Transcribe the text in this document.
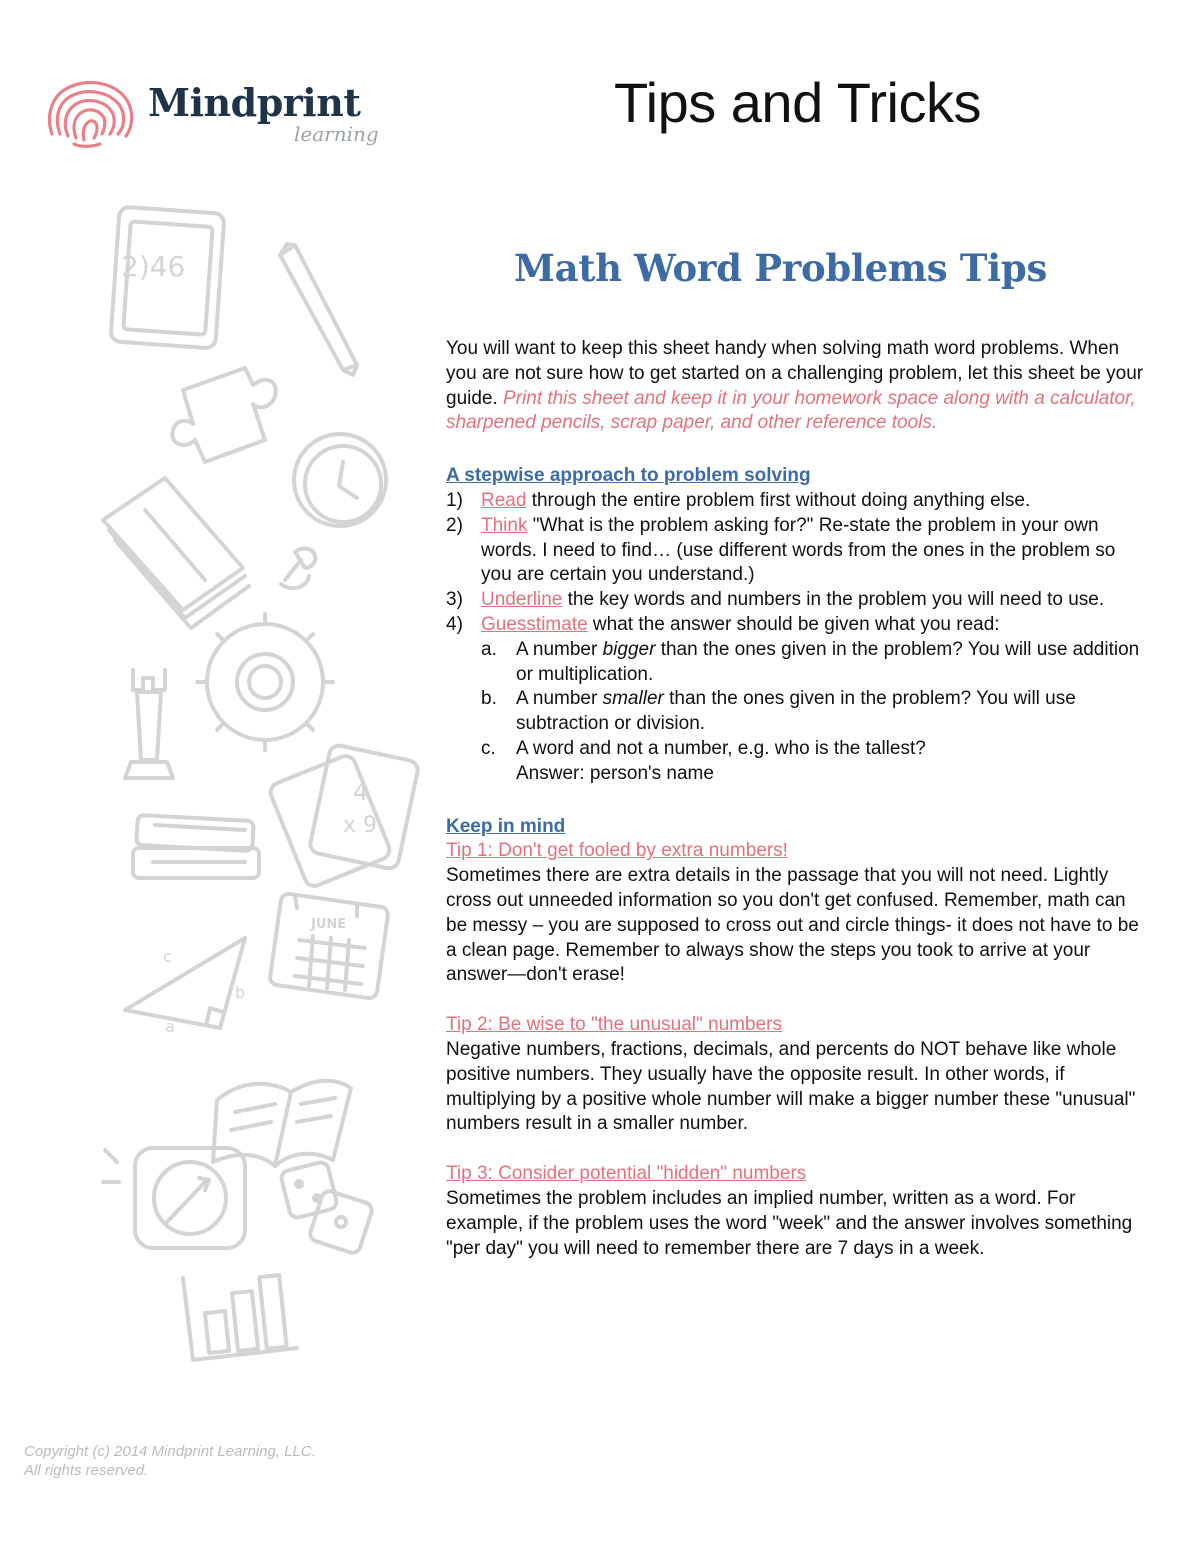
Mindprint
learning	Tips and Tricks
2)46
4
x 9
JUNE
c
b
a
Math Word Problems Tips

You will want to keep this sheet handy when solving math word problems. When you are not sure how to get started on a challenging problem, let this sheet be your guide. Print this sheet and keep it in your homework space along with a calculator, sharpened pencils, scrap paper, and other reference tools.

A stepwise approach to problem solving

1) Read through the entire problem first without doing anything else.
2) Think "What is the problem asking for?" Re-state the problem in your own words. I need to find… (use different words from the ones in the problem so you are certain you understand.)
3) Underline the key words and numbers in the problem you will need to use.
4) Guesstimate what the answer should be given what you read:
a. A number bigger than the ones given in the problem? You will use addition or multiplication.
b. A number smaller than the ones given in the problem? You will use subtraction or division.
c. A word and not a number, e.g. who is the tallest?
Answer: person's name

Keep in mind

Tip 1: Don't get fooled by extra numbers!

Sometimes there are extra details in the passage that you will not need. Lightly cross out unneeded information so you don't get confused. Remember, math can be messy – you are supposed to cross out and circle things- it does not have to be a clean page. Remember to always show the steps you took to arrive at your answer—don't erase!

Tip 2: Be wise to "the unusual" numbers

Negative numbers, fractions, decimals, and percents do NOT behave like whole positive numbers. They usually have the opposite result. In other words, if multiplying by a positive whole number will make a bigger number these "unusual" numbers result in a smaller number.

Tip 3: Consider potential "hidden" numbers

Sometimes the problem includes an implied number, written as a word. For example, if the problem uses the word "week" and the answer involves something "per day" you will need to remember there are 7 days in a week.

Copyright (c) 2014 Mindprint Learning, LLC.
All rights reserved.
